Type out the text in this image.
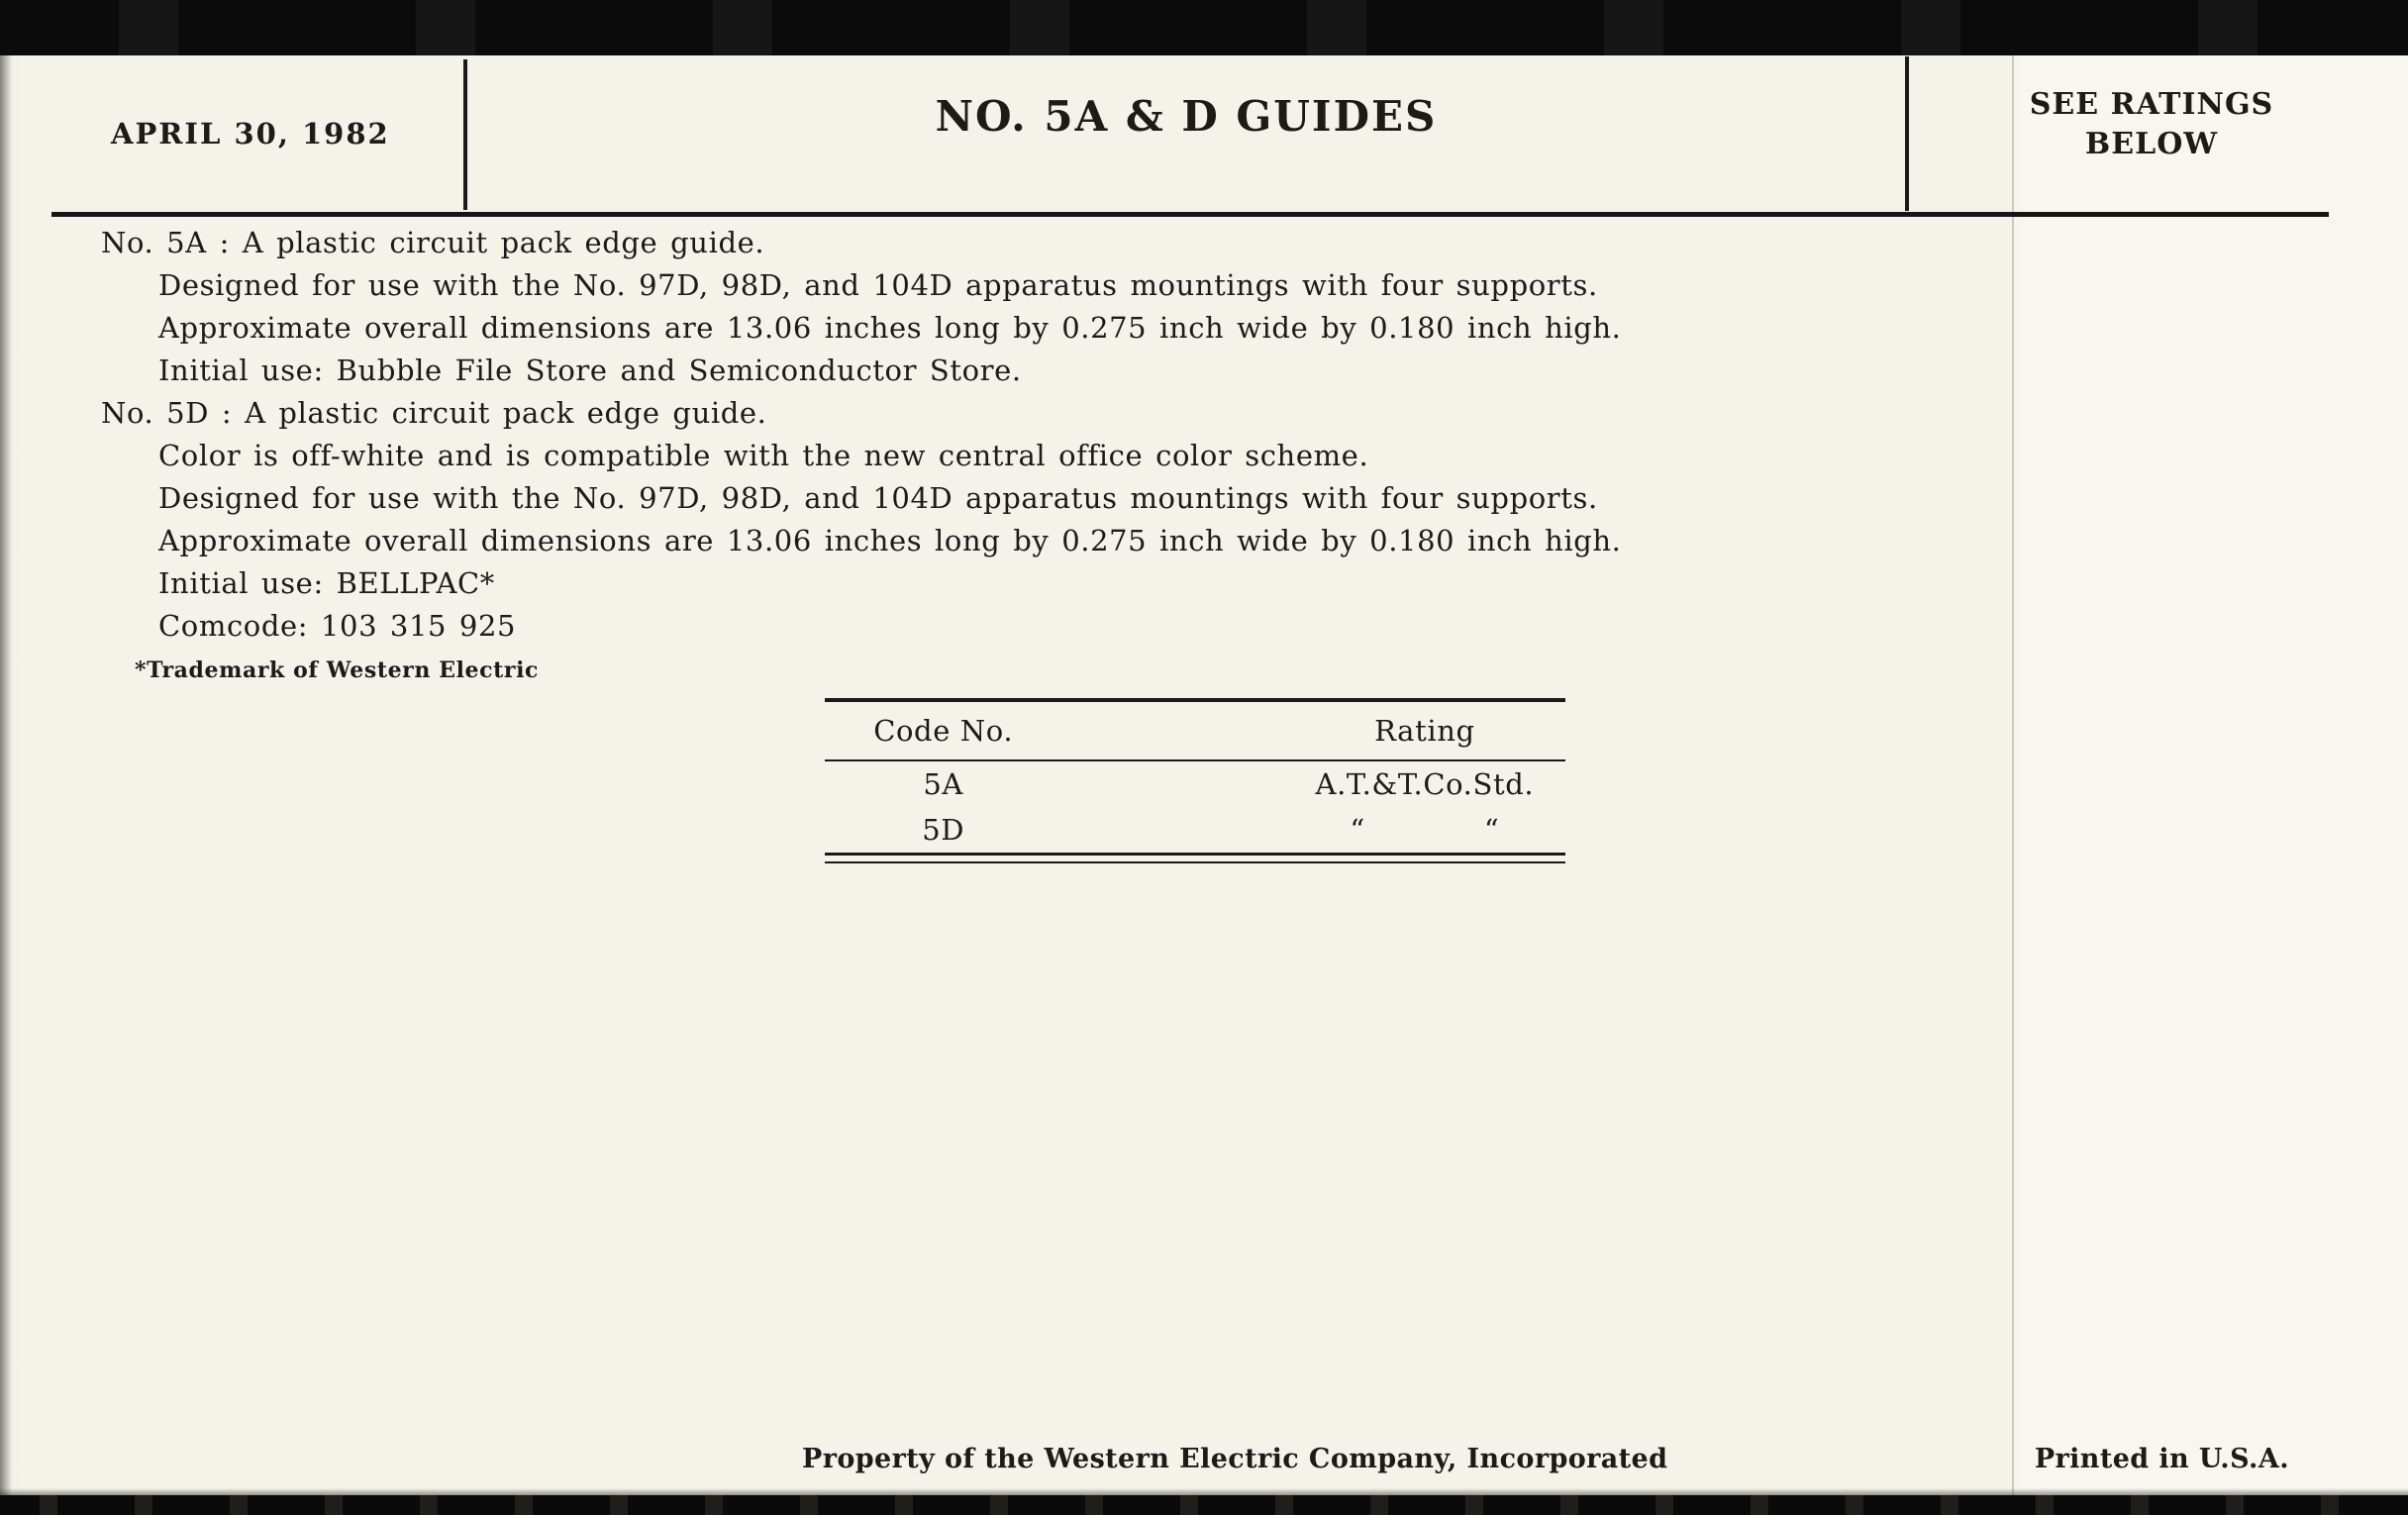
APRIL 30, 1982	NO. 5A & D GUIDES	SEE RATINGS
BELOW
No. 5A : A plastic circuit pack edge guide.
Designed for use with the No. 97D, 98D, and 104D apparatus mountings with four supports.
Approximate overall dimensions are 13.06 inches long by 0.275 inch wide by 0.180 inch high.
Initial use: Bubble File Store and Semiconductor Store.
No. 5D : A plastic circuit pack edge guide.
Color is off-white and is compatible with the new central office color scheme.
Designed for use with the No. 97D, 98D, and 104D apparatus mountings with four supports.
Approximate overall dimensions are 13.06 inches long by 0.275 inch wide by 0.180 inch high.
Initial use: BELLPAC*
Comcode: 103 315 925
*Trademark of Western Electric
Code No.	Rating
5A	A.T.&T.Co.Std.
5D	“	“
Property of the Western Electric Company, Incorporated	Printed in U.S.A.
